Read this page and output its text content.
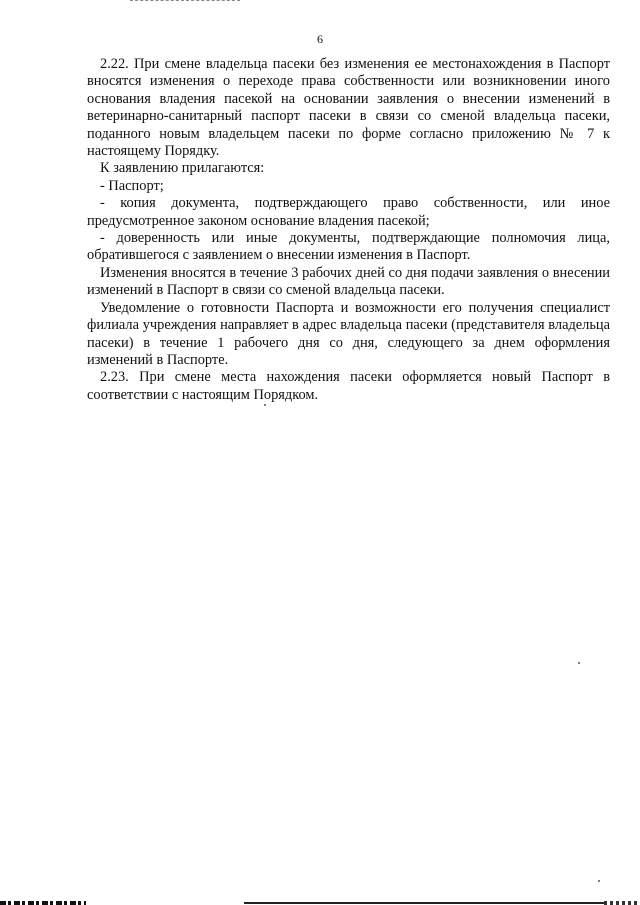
6

2.22. При смене владельца пасеки без изменения ее местонахождения в Паспорт вносятся изменения о переходе права собственности или возникновении иного основания владения пасекой на основании заявления о внесении изменений в ветеринарно-санитарный паспорт пасеки в связи со сменой владельца пасеки, поданного новым владельцем пасеки по форме согласно приложению № 7 к настоящему Порядку.

К заявлению прилагаются:

- Паспорт;

- копия документа, подтверждающего право собственности, или иное предусмотренное законом основание владения пасекой;

- доверенность или иные документы, подтверждающие полномочия лица, обратившегося с заявлением о внесении изменения в Паспорт.

Изменения вносятся в течение 3 рабочих дней со дня подачи заявления о внесении изменений в Паспорт в связи со сменой владельца пасеки.

Уведомление о готовности Паспорта и возможности его получения специалист филиала учреждения направляет в адрес владельца пасеки (представителя владельца пасеки) в течение 1 рабочего дня со дня, следующего за днем оформления изменений в Паспорте.

2.23. При смене места нахождения пасеки оформляется новый Паспорт в соответствии с настоящим Порядком.
